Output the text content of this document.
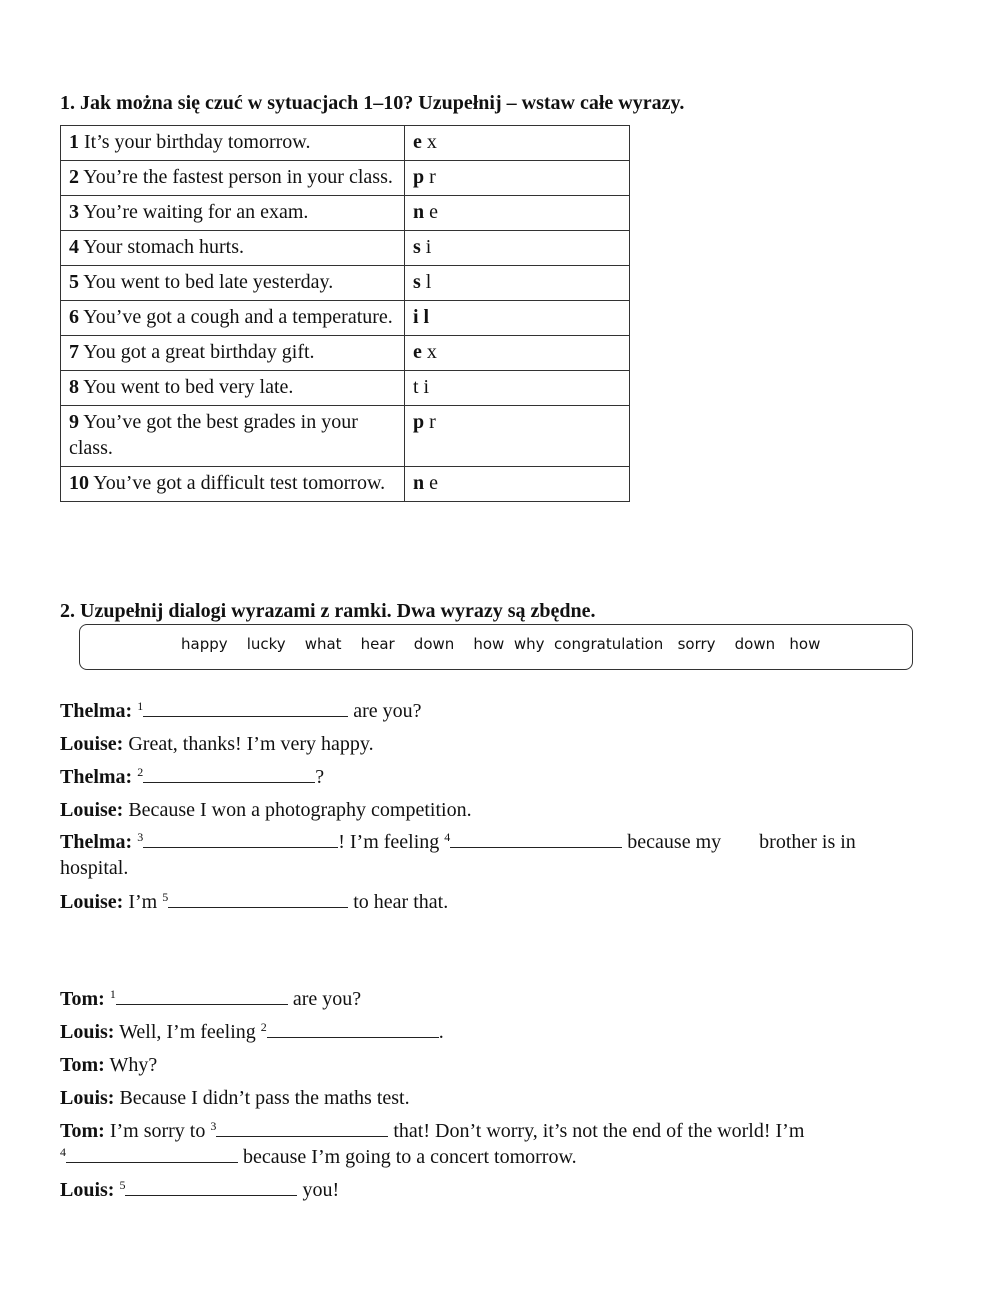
1. Jak można się czuć w sytuacjach 1–10? Uzupełnij – wstaw całe wyrazy.

1 It’s your birthday tomorrow.	e x
2 You’re the fastest person in your class.	p r
3 You’re waiting for an exam.	n e
4 Your stomach hurts.	s i
5 You went to bed late yesterday.	s l
6 You’ve got a cough and a temperature.	i l
7 You got a great birthday gift.	e x
8 You went to bed very late.	t i
9 You’ve got the best grades in your class.	p r
10 You’ve got a difficult test tomorrow.	n e

2. Uzupełnij dialogi wyrazami z ramki. Dwa wyrazy są zbędne.

happy    lucky    what    hear    down    how  why  congratulation   sorry    down   how

Thelma: $^1$	are you?

Louise: Great, thanks! I’m very happy.

Thelma: $^2$	?

Louise: Because I won a photography competition.

Thelma: $^3$	! I’m feeling $^4$	because my brother is in hospital.

Louise: I’m $^5$	to hear that.

Tom: $^1$	are you?

Louis: Well, I’m feeling $^2$	.

Tom: Why?

Louis: Because I didn’t pass the maths test.

Tom: I’m sorry to $^3$	that! Don’t worry, it’s not the end of the world! I’m
$^4$	because I’m going to a concert tomorrow.

Louis: $^5$	you!
